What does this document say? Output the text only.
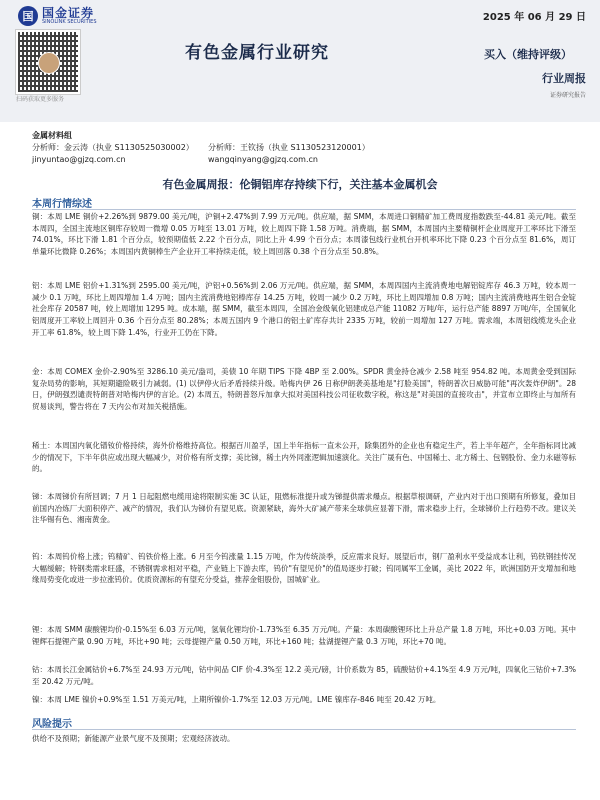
国 国金证券
SINOLINK SECURITIES
扫码获取更多服务
2025 年 06 月 29 日
有色金属行业研究	买入（维持评级）
行业周报
证券研究报告
金属材料组
分析师：金云涛（执业 S1130525030002）	分析师：王钦扬（执业 S1130523120001）
jinyuntao@gjzq.com.cn	wangqinyang@gjzq.com.cn
有色金属周报：伦铜铝库存持续下行，关注基本金属机会
本周行情综述
铜：本周 LME 铜价+2.26%到 9879.00 美元/吨，沪铜+2.47%到 7.99 万元/吨。供应端，据 SMM，本周进口铜精矿加工费周度指数跌至-44.81 美元/吨。截至本周四，全国主流地区铜库存较周一微增 0.05 万吨至 13.01 万吨，较上周四下降 1.58 万吨。消费端，据 SMM，本周国内主要精铜杆企业周度开工率环比下滑至 74.01%，环比下滑 1.81 个百分点，较预期值低 2.22 个百分点，同比上升 4.99 个百分点；本周漆包线行业机台开机率环比下降 0.23 个百分点至 81.6%，周订单量环比微降 0.26%；本周国内黄铜棒生产企业开工率持续走低，较上周回落 0.38 个百分点至 50.8%。
铝：本周 LME 铝价+1.31%到 2595.00 美元/吨，沪铝+0.56%到 2.06 万元/吨。供应端，据 SMM，本周四国内主流消费地电解铝锭库存 46.3 万吨，较本周一减少 0.1 万吨，环比上周四增加 1.4 万吨；国内主流消费地铝棒库存 14.25 万吨，较周一减少 0.2 万吨，环比上周四增加 0.8 万吨；国内主流消费地再生铝合金锭社会库存 20587 吨，较上周增加 1295 吨。成本端，据 SMM，截至本周四，全国冶金级氧化铝建成总产能 11082 万吨/年，运行总产能 8897 万吨/年，全国氧化铝周度开工率较上周回升 0.36 个百分点至 80.28%；本周五国内 9 个港口的铝土矿库存共计 2335 万吨，较前一周增加 127 万吨。需求端，本周铝线缆龙头企业开工率 61.8%，较上周下降 1.4%，行业开工仍在下降。
金：本周 COMEX 金价-2.90%至 3286.10 美元/盎司，美债 10 年期 TIPS 下降 4BP 至 2.00%。SPDR 黄金持仓减少 2.58 吨至 954.82 吨。本周黄金受到国际复杂局势的影响，其短期避险吸引力减弱。(1) 以伊停火后矛盾持续升级。哈梅内伊 26 日称伊朗袭美基地是"打脸美国"，特朗普次日威胁可能"再次轰炸伊朗"。28 日，伊朗强烈谴责特朗普对哈梅内伊的言论。(2) 本周五，特朗普怒斥加拿大拟对美国科技公司征收数字税，称这是"对美国的直接攻击"，并宣布立即终止与加所有贸易谈判，警告将在 7 天内公布对加关税措施。
稀土：本周国内氧化镨钕价格持续，海外价格维持高位。根据百川盈孚，国上半年指标一直未公开，除集团外的企业也有稳定生产，若上半年超产，全年指标同比减少的情况下，下半年供应或出现大幅减少，对价格有所支撑；美比锑，稀土内外同涨逻辑加速演化。关注广晟有色、中国稀土、北方稀土、包钢股份、金力永磁等标的。
锑：本周锑价有所回调；7 月 1 日起阻燃电缆用途将限制实施 3C 认证，阻燃标准提升或为锑提供需求爆点。根据草根调研，产业内对于出口预期有所修复，叠加目前国内冶炼厂大面积停产、减产的情况，我们认为锑价有望见底。资源紧缺，海外大矿减产带来全球供应显著下滑，需求稳步上行，全球锑价上行趋势不改。建议关注华锡有色、湘南黄金。
钨：本周钨价格上涨；钨精矿、钨铁价格上涨。6 月至今钨涨量 1.15 万吨，作为传统淡季，反应需求良好。展望后市，钢厂盈利水平受益成本让利，钨铁钢挂传况大幅缓解；特钢类需求旺盛，不锈钢需求相对平稳，产业链上下游去库，钨价"有望见价"的值局逐步打破；钨同属军工金属，美比 2022 年，欧洲国防开支增加和地缘局势变化或进一步拉涨钨价。优质资源标的有望充分受益，推荐金钼股份，国城矿业。
锂：本周 SMM 碳酸锂均价-0.15%至 6.03 万元/吨，氢氧化锂均价-1.73%至 6.35 万元/吨。产量：本周碳酸锂环比上升总产量 1.8 万吨，环比+0.03 万吨。其中锂辉石提锂产量 0.90 万吨，环比+90 吨；云母提锂产量 0.50 万吨，环比+160 吨；盐湖提锂产量 0.3 万吨，环比+70 吨。
钴：本周长江金属钴价+6.7%至 24.93 万元/吨，钴中间品 CIF 价-4.3%至 12.2 美元/磅，计价系数为 85，硫酸钴价+4.1%至 4.9 万元/吨，四氧化三钴价+7.3%至 20.42 万元/吨。
镍：本周 LME 镍价+0.9%至 1.51 万美元/吨，上期所镍价-1.7%至 12.03 万元/吨。LME 镍库存-846 吨至 20.42 万吨。
风险提示
供给不及预期；新能源产业景气度不及预期；宏观经济波动。
